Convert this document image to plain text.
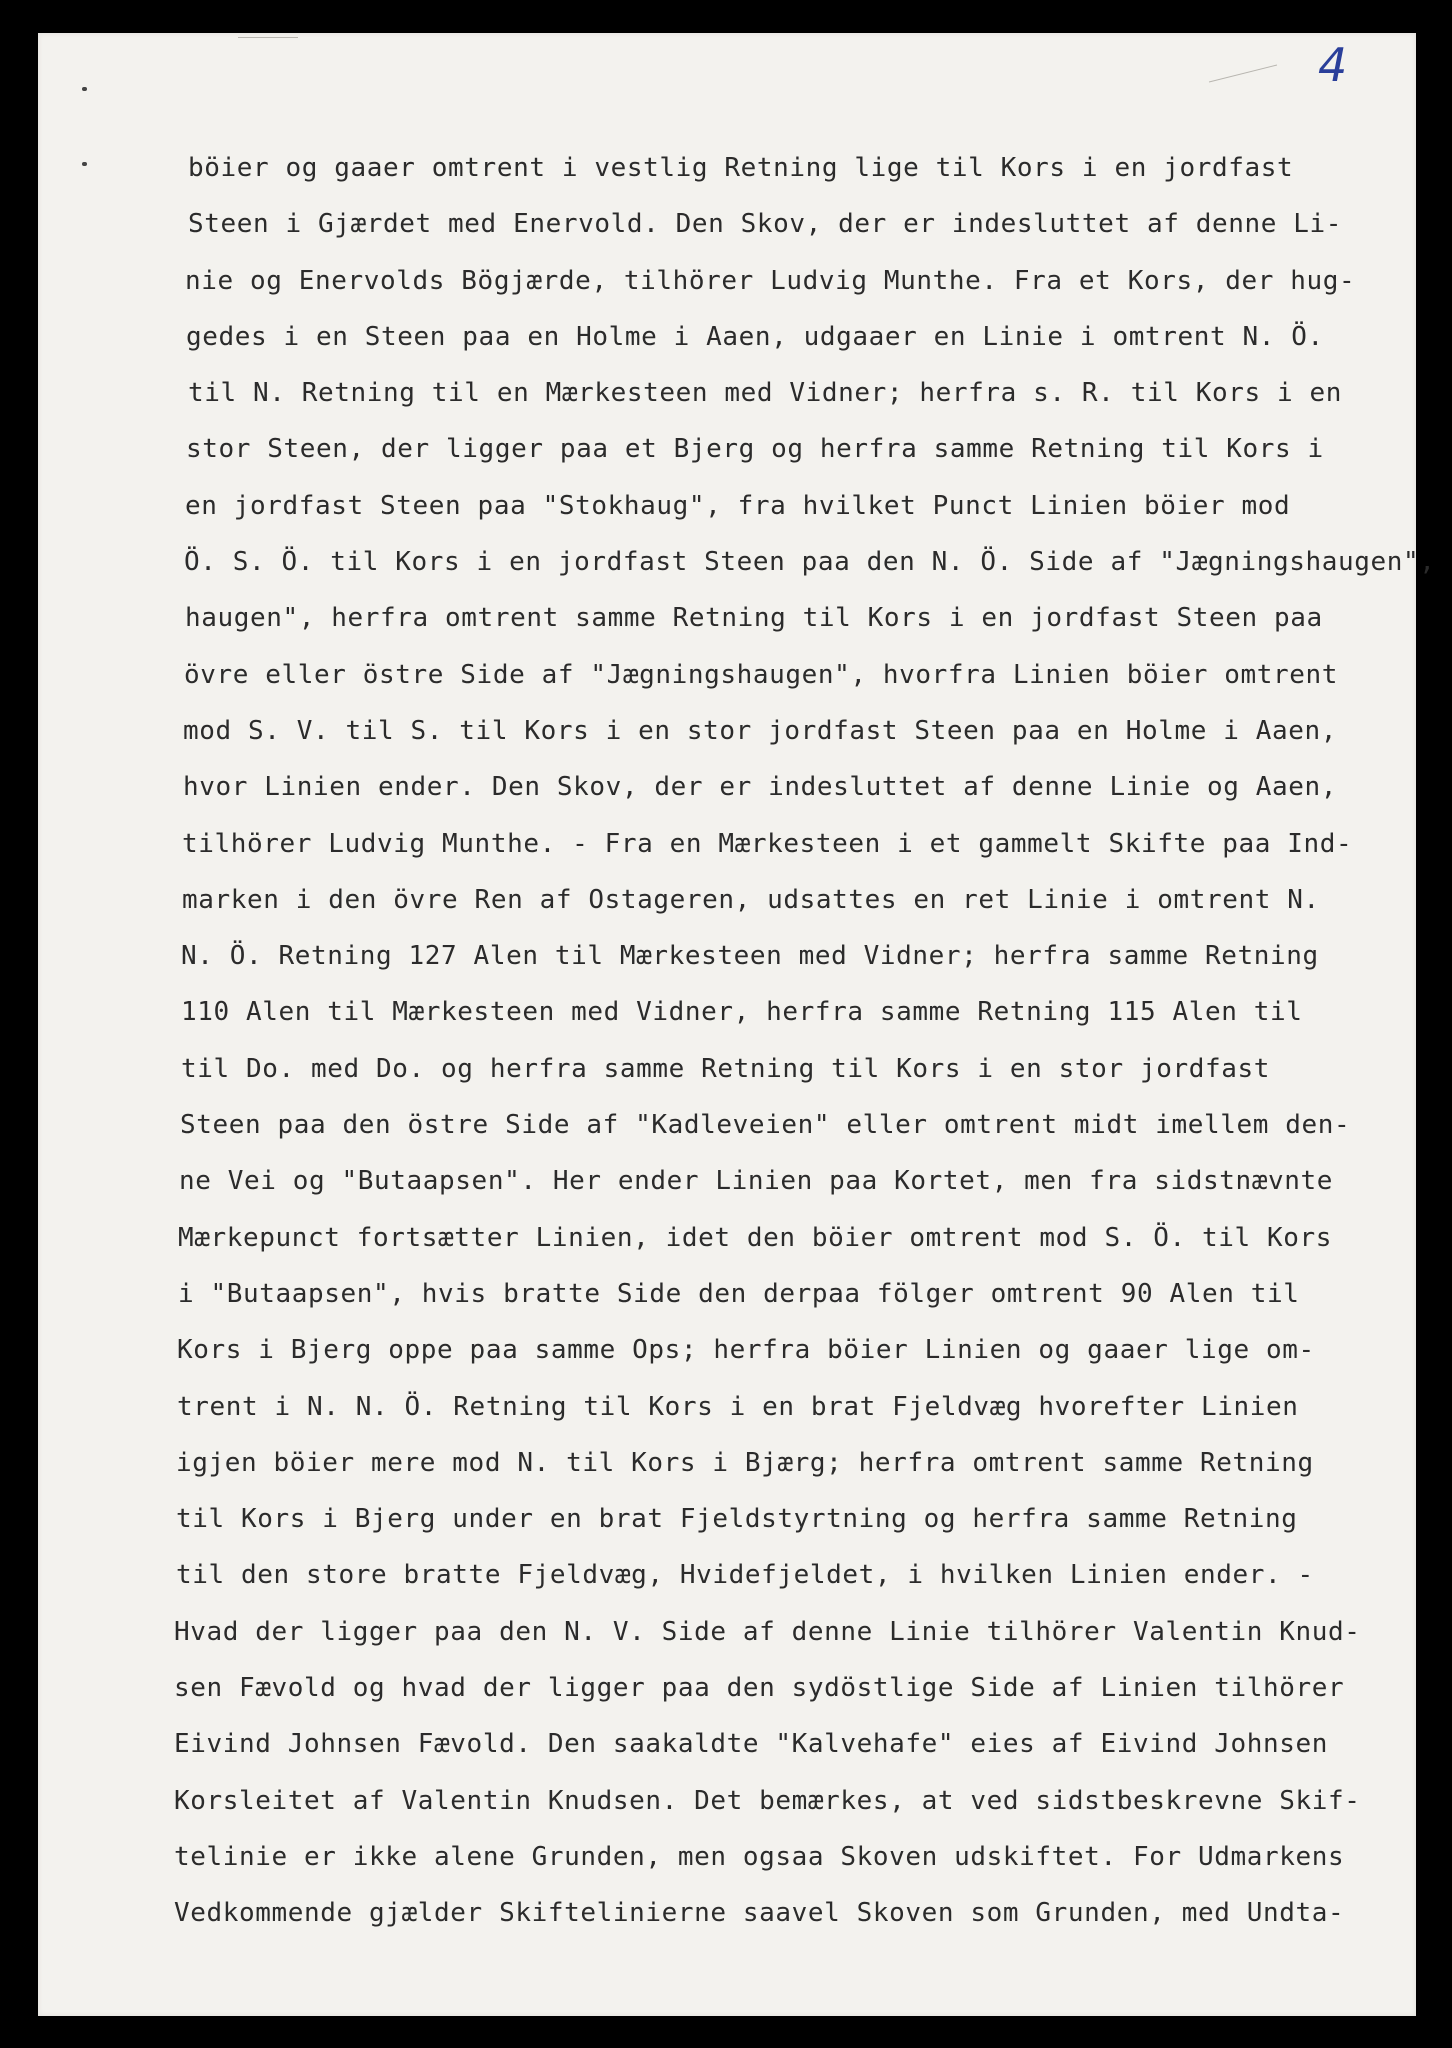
4
böier og gaaer omtrent i vestlig Retning lige til Kors i en jordfast
Steen i Gjærdet med Enervold. Den Skov, der er indesluttet af denne Li-
nie og Enervolds Bögjærde, tilhörer Ludvig Munthe. Fra et Kors, der hug-
gedes i en Steen paa en Holme i Aaen, udgaaer en Linie i omtrent N. Ö.
til N. Retning til en Mærkesteen med Vidner; herfra s. R. til Kors i en
stor Steen, der ligger paa et Bjerg og herfra samme Retning til Kors i
en jordfast Steen paa "Stokhaug", fra hvilket Punct Linien böier mod
Ö. S. Ö. til Kors i en jordfast Steen paa den N. Ö. Side af "Jægningshaugen",
haugen", herfra omtrent samme Retning til Kors i en jordfast Steen paa
övre eller östre Side af "Jægningshaugen", hvorfra Linien böier omtrent
mod S. V. til S. til Kors i en stor jordfast Steen paa en Holme i Aaen,
hvor Linien ender. Den Skov, der er indesluttet af denne Linie og Aaen,
tilhörer Ludvig Munthe. - Fra en Mærkesteen i et gammelt Skifte paa Ind-
marken i den övre Ren af Ostageren, udsattes en ret Linie i omtrent N.
N. Ö. Retning 127 Alen til Mærkesteen med Vidner; herfra samme Retning
110 Alen til Mærkesteen med Vidner, herfra samme Retning 115 Alen til
til Do. med Do. og herfra samme Retning til Kors i en stor jordfast
Steen paa den östre Side af "Kadleveien" eller omtrent midt imellem den-
ne Vei og "Butaapsen". Her ender Linien paa Kortet, men fra sidstnævnte
Mærkepunct fortsætter Linien, idet den böier omtrent mod S. Ö. til Kors
i "Butaapsen", hvis bratte Side den derpaa fölger omtrent 90 Alen til
Kors i Bjerg oppe paa samme Ops; herfra böier Linien og gaaer lige om-
trent i N. N. Ö. Retning til Kors i en brat Fjeldvæg hvorefter Linien
igjen böier mere mod N. til Kors i Bjærg; herfra omtrent samme Retning
til Kors i Bjerg under en brat Fjeldstyrtning og herfra samme Retning
til den store bratte Fjeldvæg, Hvidefjeldet, i hvilken Linien ender. -
Hvad der ligger paa den N. V. Side af denne Linie tilhörer Valentin Knud-
sen Fævold og hvad der ligger paa den sydöstlige Side af Linien tilhörer
Eivind Johnsen Fævold. Den saakaldte "Kalvehafe" eies af Eivind Johnsen
Korsleitet af Valentin Knudsen. Det bemærkes, at ved sidstbeskrevne Skif-
telinie er ikke alene Grunden, men ogsaa Skoven udskiftet. For Udmarkens
Vedkommende gjælder Skiftelinierne saavel Skoven som Grunden, med Undta-
